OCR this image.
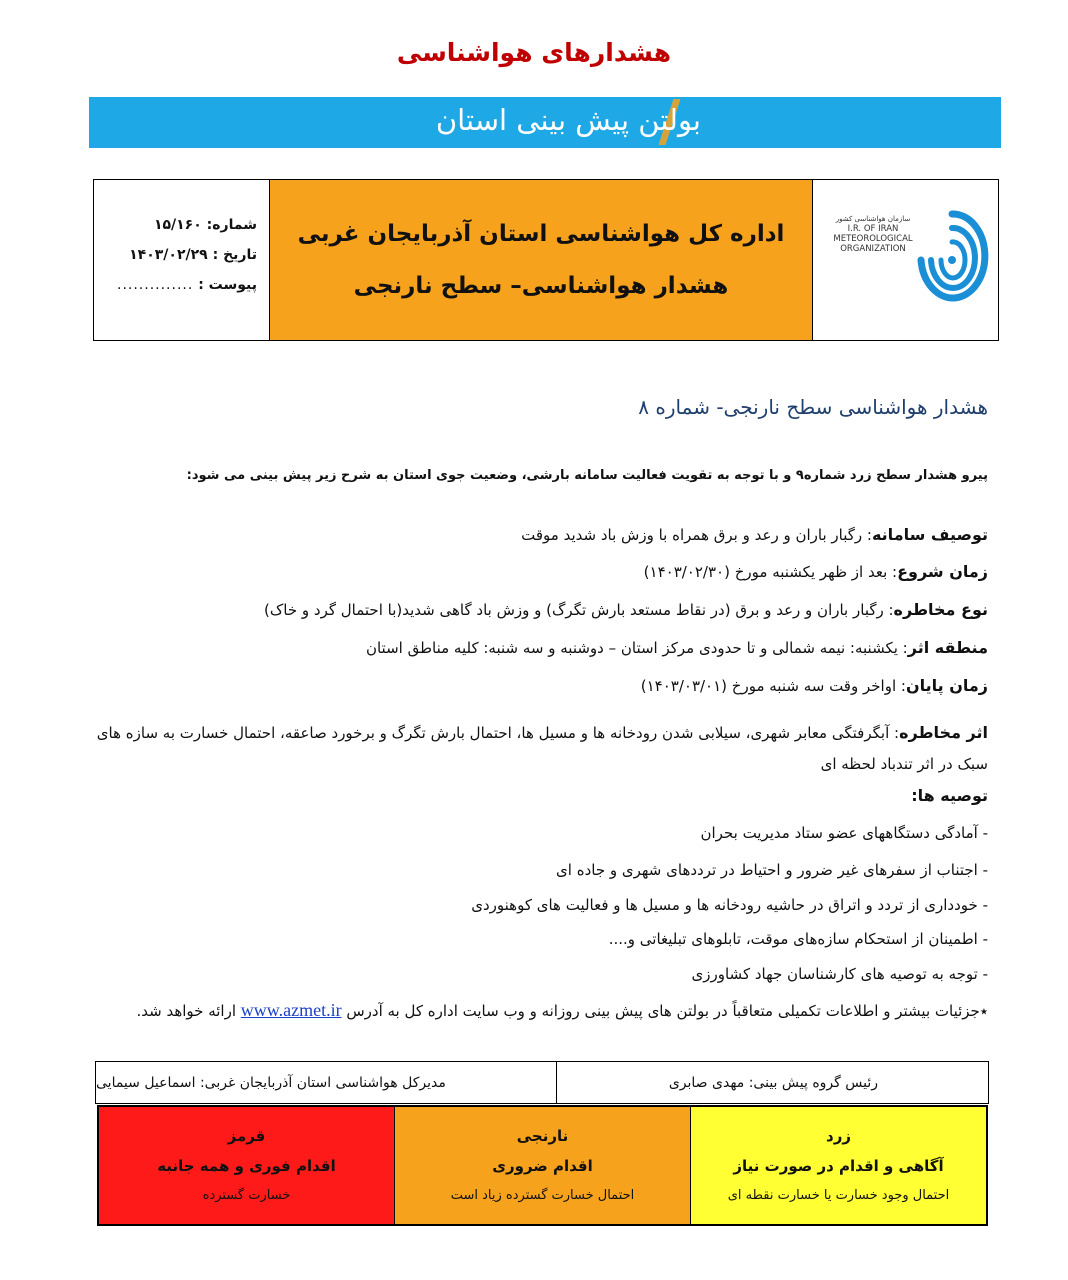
هشدارهای هواشناسی
بولتن پیش بینی استان
شماره: ۱۵/۱۶۰
تاریخ : ۱۴۰۳/۰۲/۲۹
پیوست : ..............
اداره کل هواشناسی استان آذربایجان غربی
هشدار هواشناسی– سطح نارنجی
سازمان هواشناسی کشور
I.R. OF IRAN
METEOROLOGICAL
ORGANIZATION
هشدار هواشناسی سطح نارنجی- شماره ۸
پیرو هشدار سطح زرد شماره۹ و با توجه به تقویت فعالیت سامانه بارشی، وضعیت جوی استان به شرح زیر پیش بینی می شود:
توصیف سامانه: رگبار باران و رعد و برق همراه با وزش باد شدید موقت
زمان شروع: بعد از ظهر یکشنبه مورخ (۱۴۰۳/۰۲/۳۰)
نوع مخاطره: رگبار باران و رعد و برق (در نقاط مستعد بارش تگرگ) و وزش باد گاهی شدید(با احتمال گرد و خاک)
منطقه اثر: یکشنبه: نیمه شمالی و تا حدودی مرکز استان – دوشنبه و سه شنبه: کلیه مناطق استان
زمان پایان: اواخر وقت سه شنبه مورخ (۱۴۰۳/۰۳/۰۱)
اثر مخاطره: آبگرفتگی معابر شهری، سیلابی شدن رودخانه ها و مسیل ها، احتمال بارش تگرگ و برخورد صاعقه، احتمال خسارت به سازه های سبک در اثر تندباد لحظه ای
توصیه ها:
- آمادگی دستگاههای عضو ستاد مدیریت بحران
- اجتناب از سفرهای غیر ضرور و احتیاط در ترددهای شهری و جاده ای
- خودداری از تردد و اتراق در حاشیه رودخانه ها و مسیل ها و فعالیت های کوهنوردی
- اطمینان از استحکام سازه‌های موقت، تابلوهای تبلیغاتی و....
- توجه به توصیه های کارشناسان جهاد کشاورزی
٭جزئیات بیشتر و اطلاعات تکمیلی متعاقباً در بولتن های پیش بینی روزانه و وب سایت اداره کل به آدرس www.azmet.ir ارائه خواهد شد.
رئیس گروه پیش بینی: مهدی صابری
مدیرکل هواشناسی استان آذربایجان غربی: اسماعیل سیمایی
زرد
آگاهی و اقدام در صورت نیاز
احتمال وجود خسارت یا خسارت نقطه ای
نارنجی
اقدام ضروری
احتمال خسارت گسترده زیاد است
قرمز
اقدام فوری و همه جانبه
خسارت گسترده
